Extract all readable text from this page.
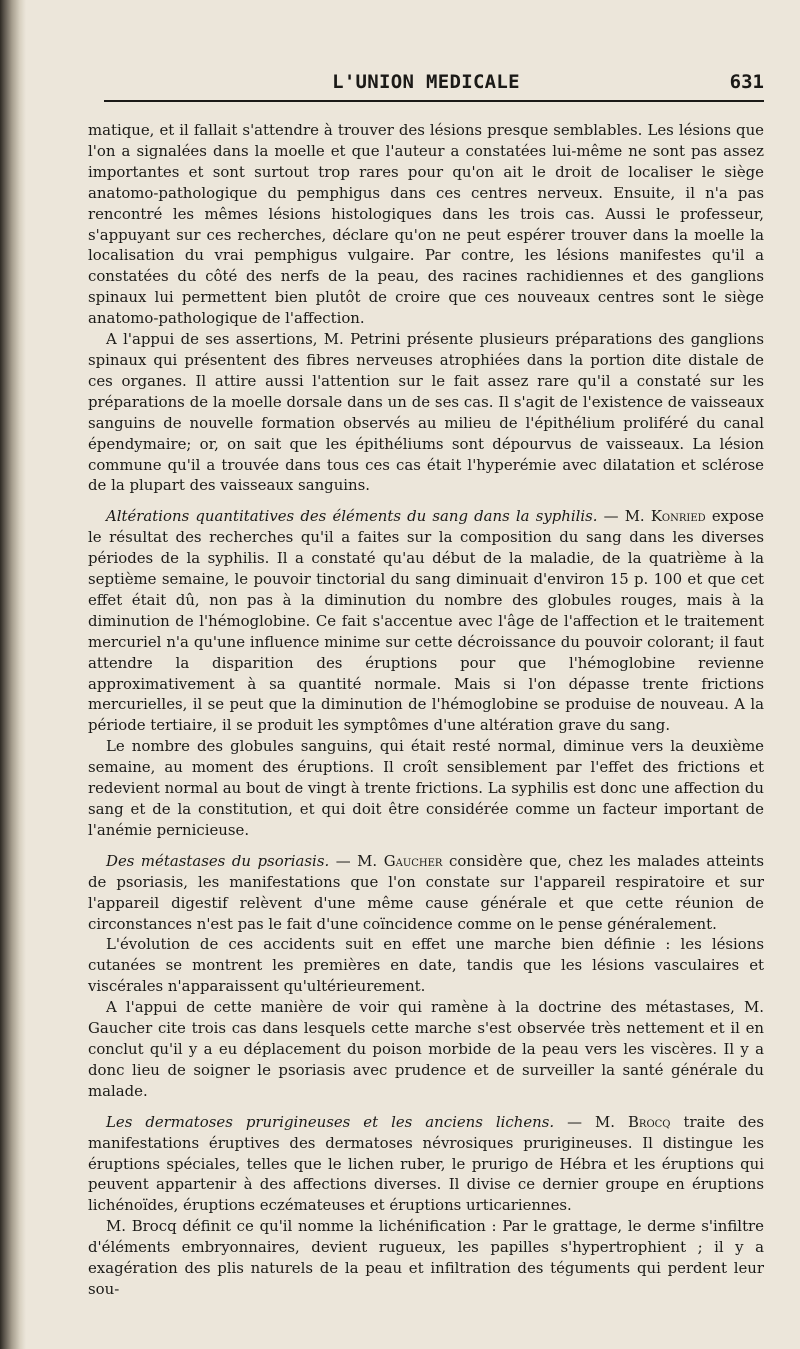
L'UNION MEDICALE	631

matique, et il fallait s'attendre à trouver des lésions presque semblables. Les lésions que l'on a signalées dans la moelle et que l'auteur a constatées lui-même ne sont pas assez importantes et sont surtout trop rares pour qu'on ait le droit de localiser le siège anatomo-pathologique du pemphigus dans ces centres nerveux. Ensuite, il n'a pas rencontré les mêmes lésions histologiques dans les trois cas. Aussi le professeur, s'appuyant sur ces recherches, déclare qu'on ne peut espérer trouver dans la moelle la localisation du vrai pemphigus vulgaire. Par contre, les lésions manifestes qu'il a constatées du côté des nerfs de la peau, des racines rachidiennes et des ganglions spinaux lui permettent bien plutôt de croire que ces nouveaux centres sont le siège anatomo-pathologique de l'affection.

A l'appui de ses assertions, M. Petrini présente plusieurs préparations des ganglions spinaux qui présentent des fibres nerveuses atrophiées dans la portion dite distale de ces organes. Il attire aussi l'attention sur le fait assez rare qu'il a constaté sur les préparations de la moelle dorsale dans un de ses cas. Il s'agit de l'existence de vaisseaux sanguins de nouvelle formation observés au milieu de l'épithélium proliféré du canal épendymaire; or, on sait que les épithéliums sont dépourvus de vaisseaux. La lésion commune qu'il a trouvée dans tous ces cas était l'hyperémie avec dilatation et sclérose de la plupart des vaisseaux sanguins.

Altérations quantitatives des éléments du sang dans la syphilis. — M. Konried expose le résultat des recherches qu'il a faites sur la composition du sang dans les diverses périodes de la syphilis. Il a constaté qu'au début de la maladie, de la quatrième à la septième semaine, le pouvoir tinctorial du sang diminuait d'environ 15 p. 100 et que cet effet était dû, non pas à la diminution du nombre des globules rouges, mais à la diminution de l'hémoglobine. Ce fait s'accentue avec l'âge de l'affection et le traitement mercuriel n'a qu'une influence minime sur cette décroissance du pouvoir colorant; il faut attendre la disparition des éruptions pour que l'hémoglobine revienne approximativement à sa quantité normale. Mais si l'on dépasse trente frictions mercurielles, il se peut que la diminution de l'hémoglobine se produise de nouveau. A la période tertiaire, il se produit les symptômes d'une altération grave du sang.

Le nombre des globules sanguins, qui était resté normal, diminue vers la deuxième semaine, au moment des éruptions. Il croît sensiblement par l'effet des frictions et redevient normal au bout de vingt à trente frictions. La syphilis est donc une affection du sang et de la constitution, et qui doit être considérée comme un facteur important de l'anémie pernicieuse.

Des métastases du psoriasis. — M. Gaucher considère que, chez les malades atteints de psoriasis, les manifestations que l'on constate sur l'appareil respiratoire et sur l'appareil digestif relèvent d'une même cause générale et que cette réunion de circonstances n'est pas le fait d'une coïncidence comme on le pense généralement.

L'évolution de ces accidents suit en effet une marche bien définie : les lésions cutanées se montrent les premières en date, tandis que les lésions vasculaires et viscérales n'apparaissent qu'ultérieurement.

A l'appui de cette manière de voir qui ramène à la doctrine des métastases, M. Gaucher cite trois cas dans lesquels cette marche s'est observée très nettement et il en conclut qu'il y a eu déplacement du poison morbide de la peau vers les viscères. Il y a donc lieu de soigner le psoriasis avec prudence et de surveiller la santé générale du malade.

Les dermatoses prurigineuses et les anciens lichens. — M. Brocq traite des manifestations éruptives des dermatoses névrosiques prurigineuses. Il distingue les éruptions spéciales, telles que le lichen ruber, le prurigo de Hébra et les éruptions qui peuvent appartenir à des affections diverses. Il divise ce dernier groupe en éruptions lichénoïdes, éruptions eczémateuses et éruptions urticariennes.

M. Brocq définit ce qu'il nomme la lichénification : Par le grattage, le derme s'infiltre d'éléments embryonnaires, devient rugueux, les papilles s'hypertrophient ; il y a exagération des plis naturels de la peau et infiltration des téguments qui perdent leur sou-
